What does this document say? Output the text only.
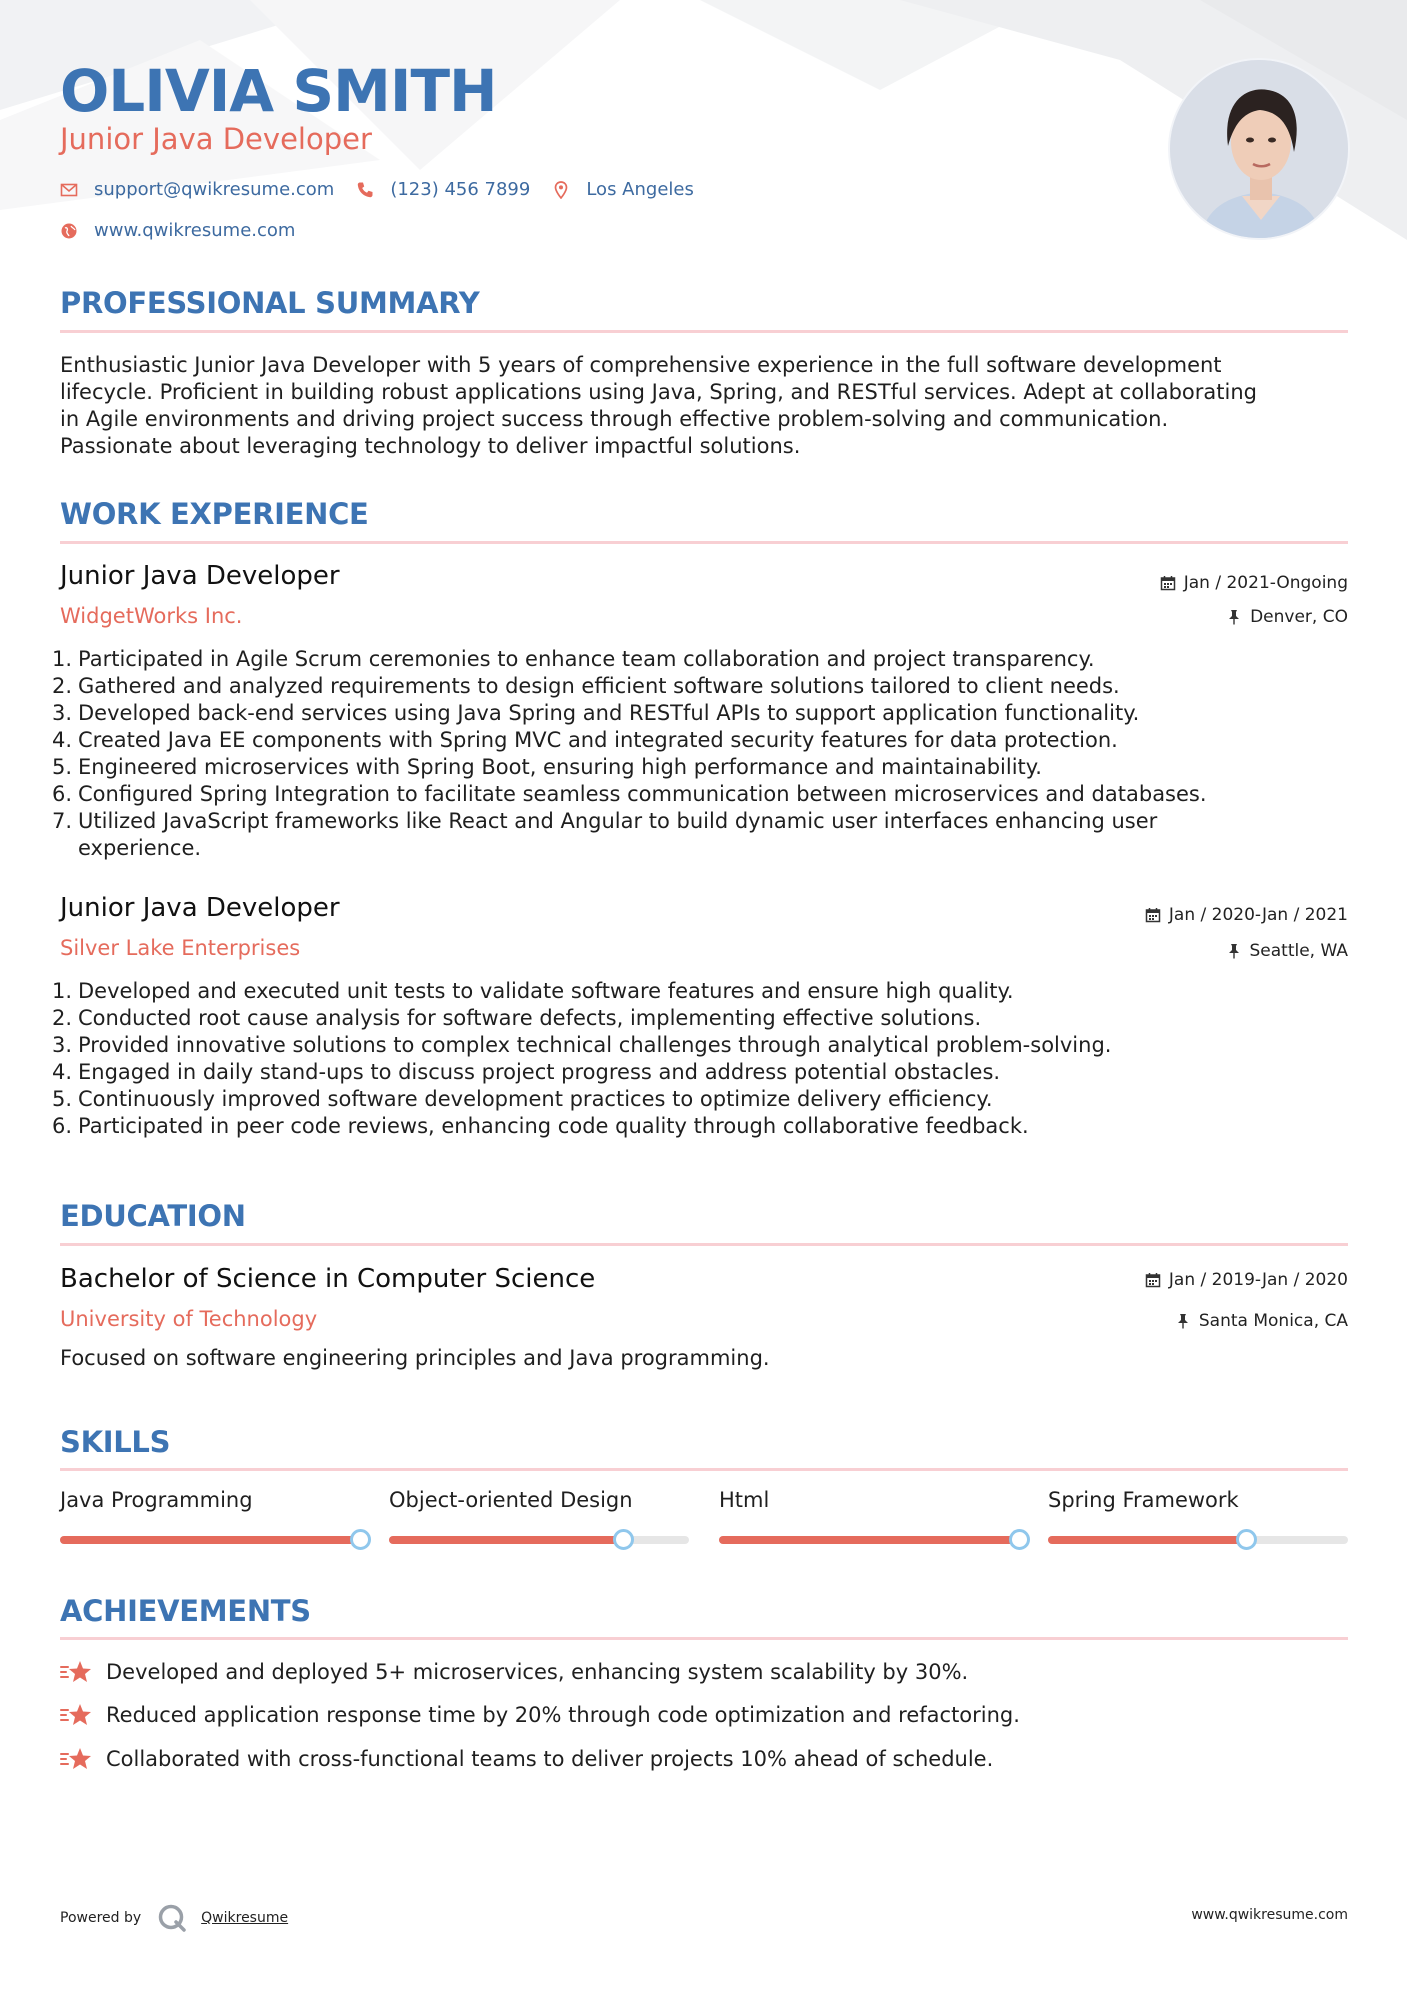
OLIVIA SMITH
Junior Java Developer
support@qwikresume.com	(123) 456 7899	Los Angeles
www.qwikresume.com
PROFESSIONAL SUMMARY
Enthusiastic Junior Java Developer with 5 years of comprehensive experience in the full software development
lifecycle. Proficient in building robust applications using Java, Spring, and RESTful services. Adept at collaborating
in Agile environments and driving project success through effective problem-solving and communication.
Passionate about leveraging technology to deliver impactful solutions.
WORK EXPERIENCE
Junior Java Developer
WidgetWorks Inc.
Jan / 2021-Ongoing
Denver, CO
1. Participated in Agile Scrum ceremonies to enhance team collaboration and project transparency.
2. Gathered and analyzed requirements to design efficient software solutions tailored to client needs.
3. Developed back-end services using Java Spring and RESTful APIs to support application functionality.
4. Created Java EE components with Spring MVC and integrated security features for data protection.
5. Engineered microservices with Spring Boot, ensuring high performance and maintainability.
6. Configured Spring Integration to facilitate seamless communication between microservices and databases.
7. Utilized JavaScript frameworks like React and Angular to build dynamic user interfaces enhancing user
experience.
Junior Java Developer
Silver Lake Enterprises
Jan / 2020-Jan / 2021
Seattle, WA
1. Developed and executed unit tests to validate software features and ensure high quality.
2. Conducted root cause analysis for software defects, implementing effective solutions.
3. Provided innovative solutions to complex technical challenges through analytical problem-solving.
4. Engaged in daily stand-ups to discuss project progress and address potential obstacles.
5. Continuously improved software development practices to optimize delivery efficiency.
6. Participated in peer code reviews, enhancing code quality through collaborative feedback.
EDUCATION
Bachelor of Science in Computer Science
University of Technology
Jan / 2019-Jan / 2020
Santa Monica, CA
Focused on software engineering principles and Java programming.
SKILLS
Java Programming	Object-oriented Design	Html	Spring Framework
ACHIEVEMENTS
Developed and deployed 5+ microservices, enhancing system scalability by 30%.
Reduced application response time by 20% through code optimization and refactoring.
Collaborated with cross-functional teams to deliver projects 10% ahead of schedule.
Powered by	Qwikresume	www.qwikresume.com
